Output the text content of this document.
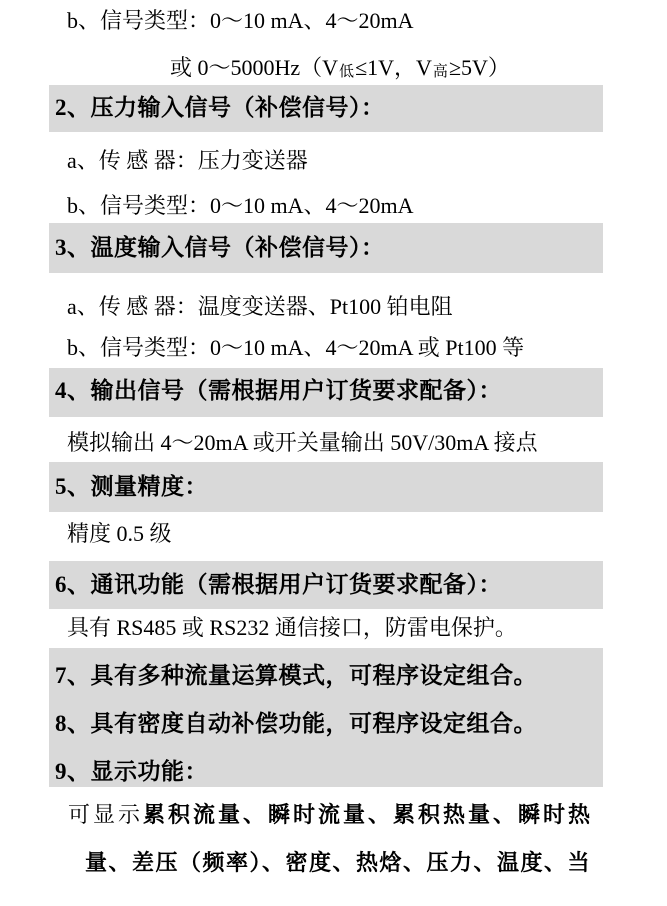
b、信号类型：0～10 mA、4～20mA
或 0～5000Hz（V低≤1V，V高≥5V）
2、压力输入信号（补偿信号）：
a、传 感 器：压力变送器
b、信号类型：0～10 mA、4～20mA
3、温度输入信号（补偿信号）：
a、传 感 器：温度变送器、Pt100 铂电阻
b、信号类型：0～10 mA、4～20mA 或 Pt100 等
4、输出信号（需根据用户订货要求配备）：
模拟输出 4～20mA 或开关量输出 50V/30mA 接点
5、测量精度：
精度 0.5 级
6、通讯功能（需根据用户订货要求配备）：
具有 RS485 或 RS232 通信接口，防雷电保护。
7、具有多种流量运算模式，可程序设定组合。
8、具有密度自动补偿功能，可程序设定组合。
9、显示功能：
可显示累积流量、瞬时流量、累积热量、瞬时热
量、差压（频率）、密度、热焓、压力、温度、当
